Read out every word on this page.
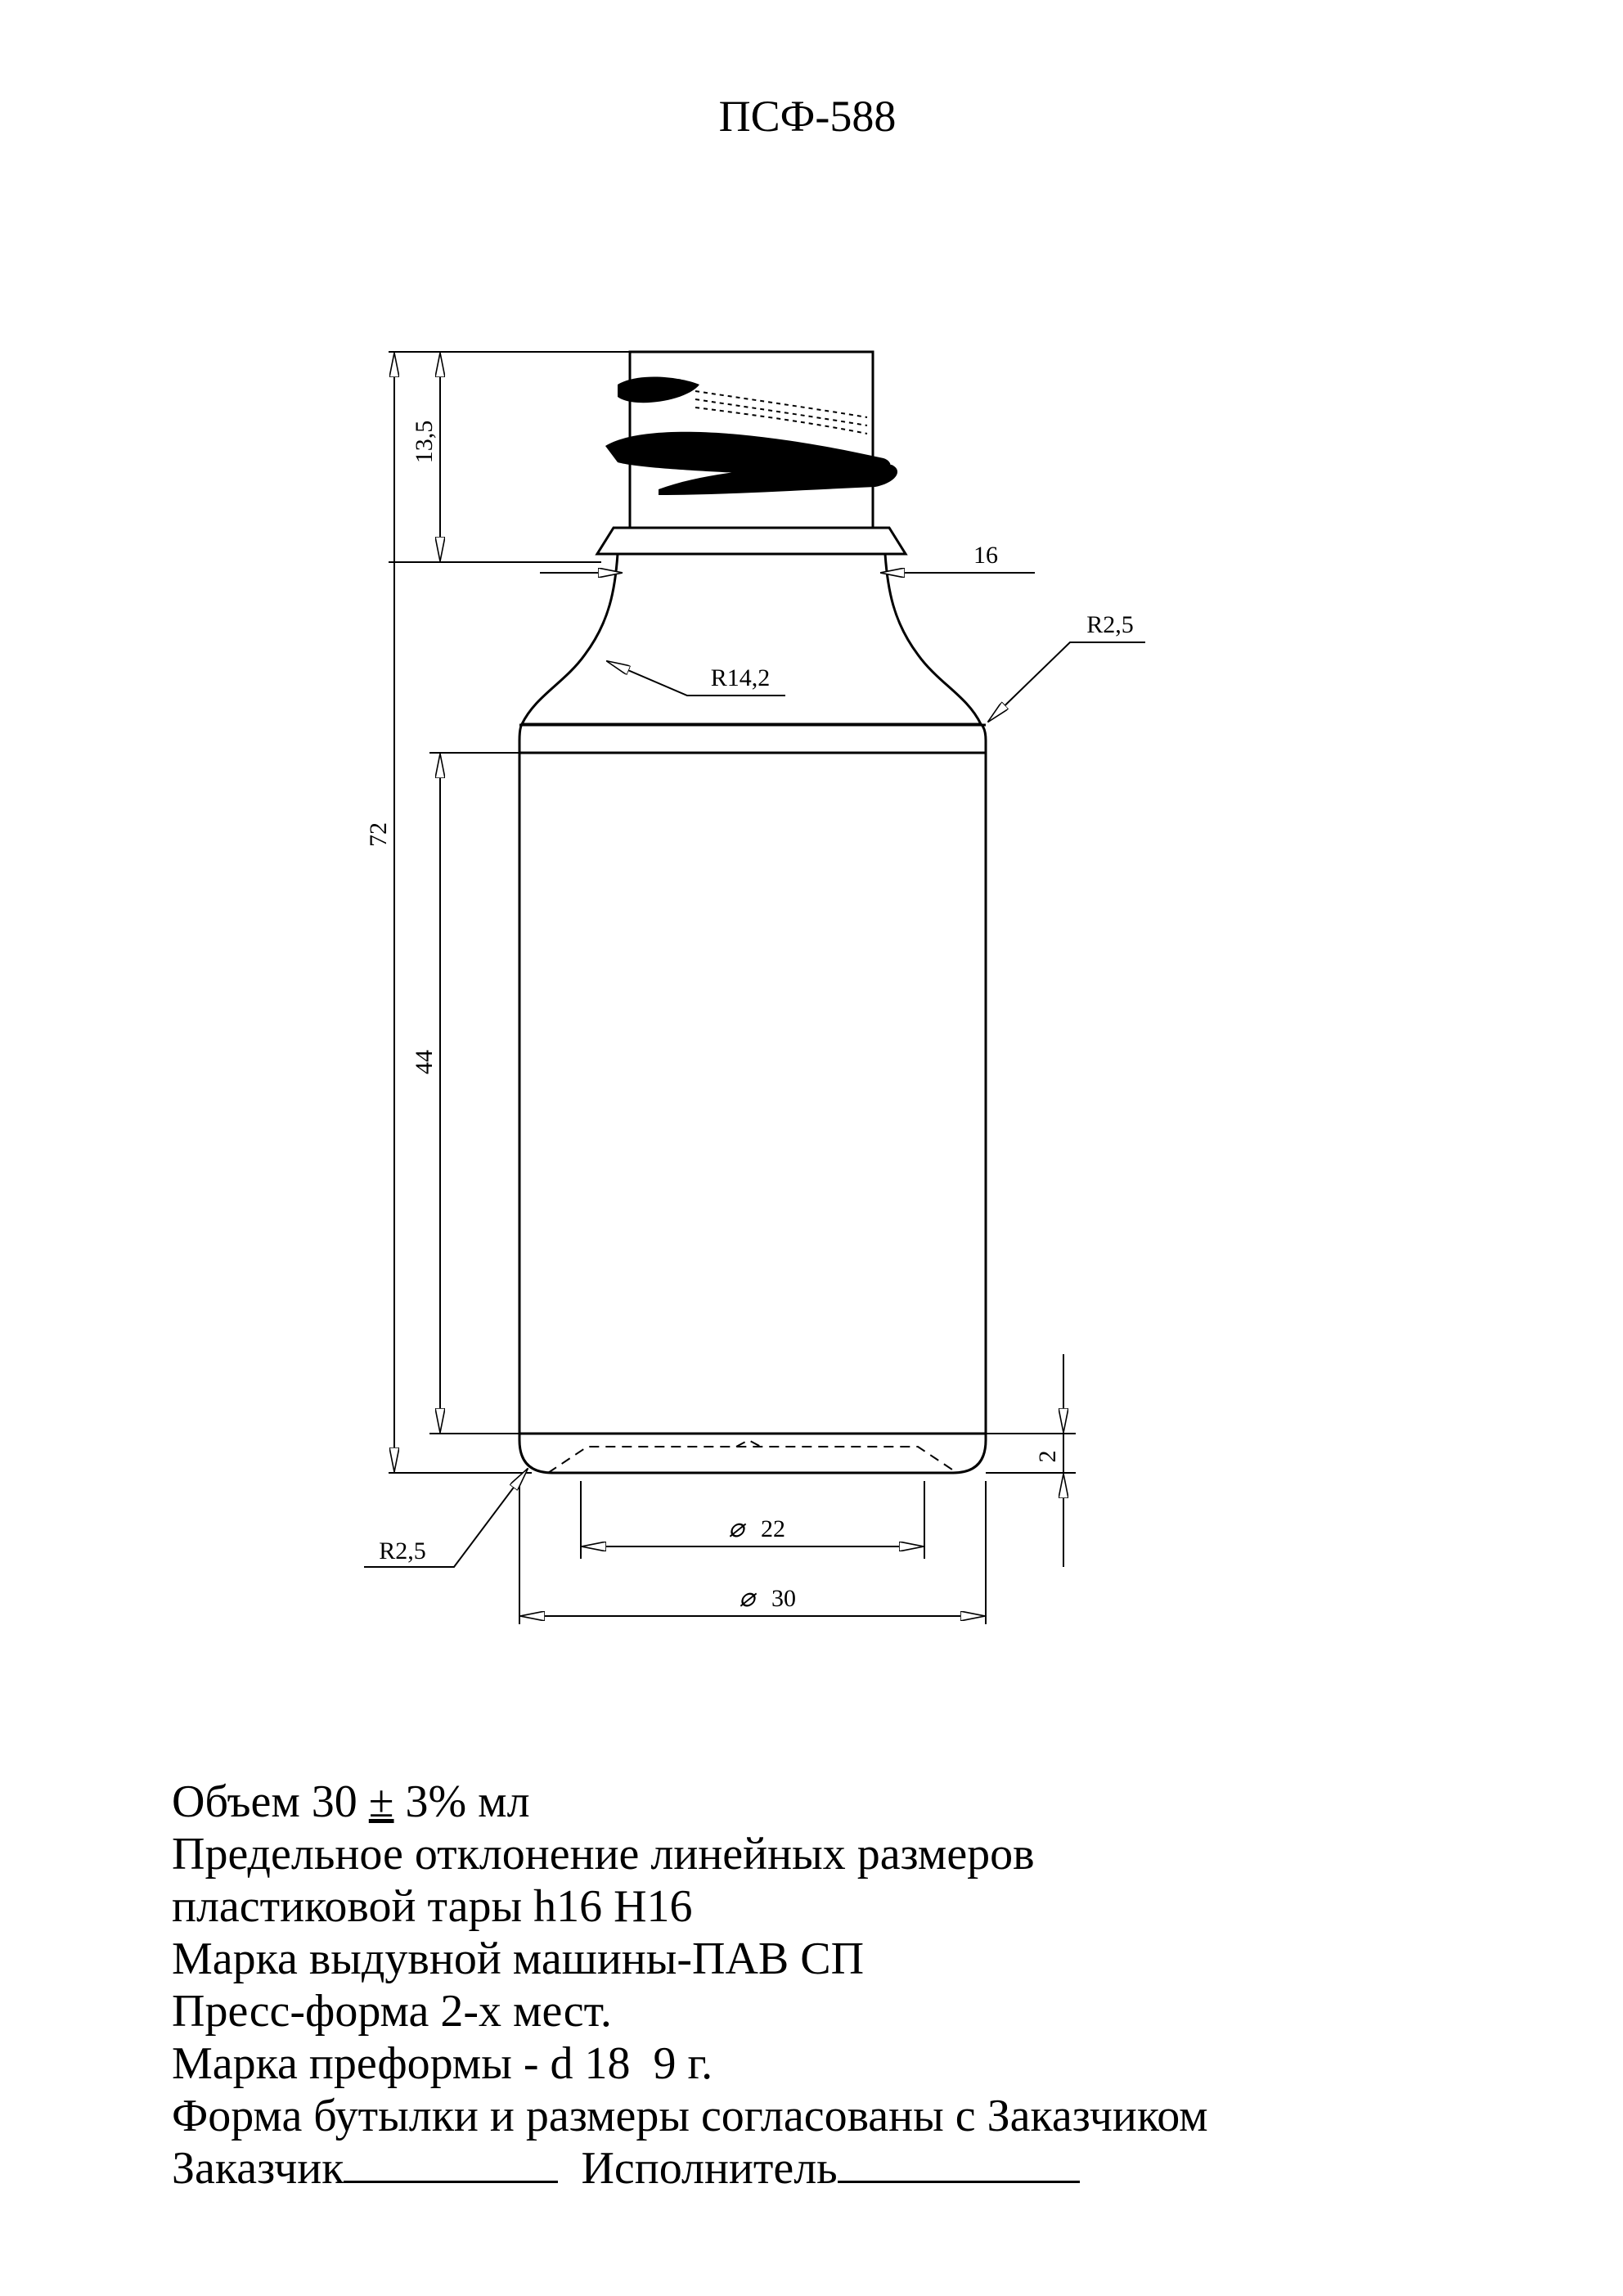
ПСФ-588
13,5
72
44
16
R14,2
R2,5
R2,5
2
⌀ 22
⌀ 30
Объем 30 ± 3% мл
Предельное отклонение линейных размеров
пластиковой тары h16 H16
Марка выдувной машины-ПАВ СП
Пресс-форма 2-х мест.
Марка преформы - d 18  9 г.
Форма бутылки и размеры согласованы с Заказчиком
Заказчик	Исполнитель
